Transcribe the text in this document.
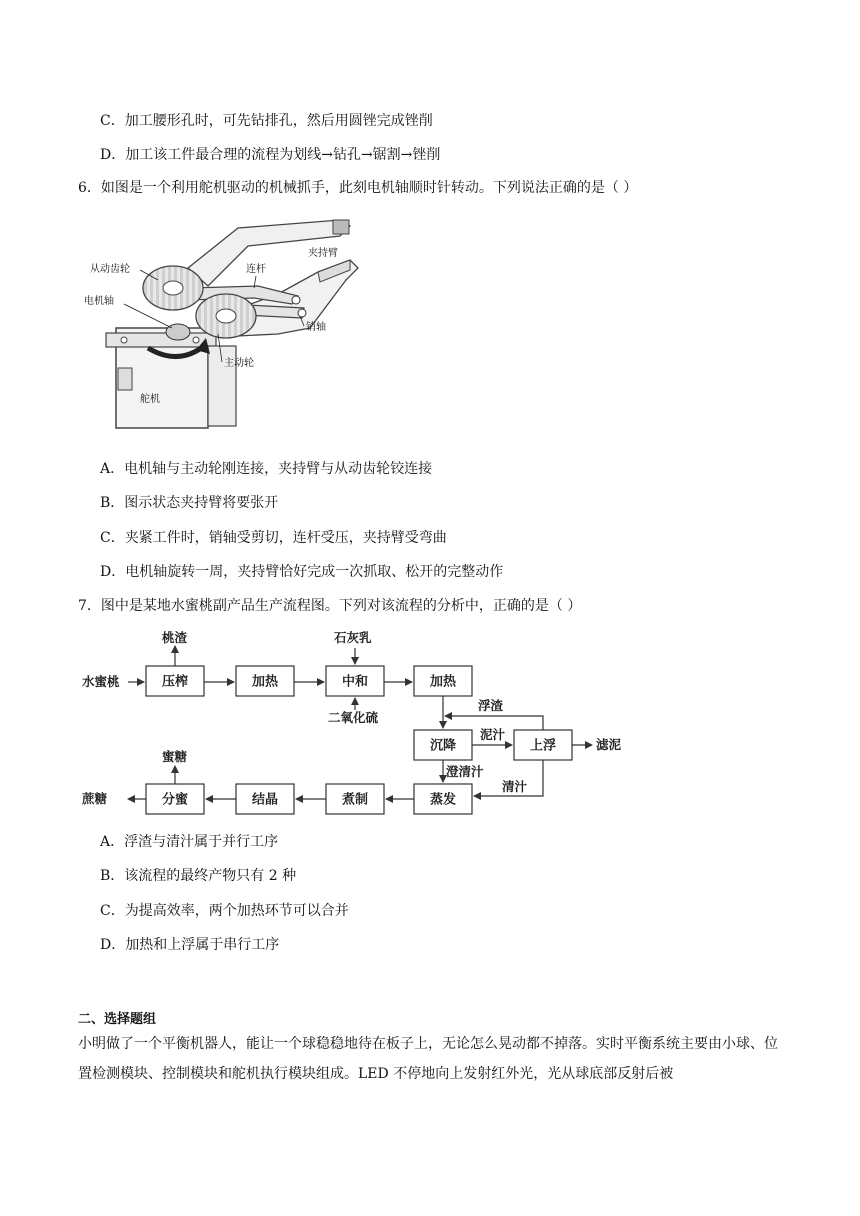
C．加工腰形孔时，可先钻排孔，然后用圆锉完成锉削
D．加工该工件最合理的流程为划线→钻孔→锯割→锉削
6．如图是一个利用舵机驱动的机械抓手，此刻电机轴顺时针转动。下列说法正确的是（ ）
从动齿轮	连杆
夹持臂
电机轴
销轴
主动轮
舵机
A．电机轴与主动轮刚连接，夹持臂与从动齿轮铰连接
B．图示状态夹持臂将要张开
C．夹紧工件时，销轴受剪切，连杆受压，夹持臂受弯曲
D．电机轴旋转一周，夹持臂恰好完成一次抓取、松开的完整动作
7．图中是某地水蜜桃副产品生产流程图。下列对该流程的分析中，正确的是（ ）
水蜜桃	压榨
桃渣
加热	中和
石灰乳
二氧化硫
加热
沉降
泥汁
上浮	滤泥
浮渣
澄清汁
蒸发
清汁
煮制
结晶
分蜜
蜜糖
蔗糖
A．浮渣与清汁属于并行工序
B．该流程的最终产物只有 2 种
C．为提高效率，两个加热环节可以合并
D．加热和上浮属于串行工序
二、选择题组
小明做了一个平衡机器人，能让一个球稳稳地待在板子上，无论怎么晃动都不掉落。实时平衡系统主要由小球、位置检测模块、控制模块和舵机执行模块组成。LED 不停地向上发射红外光，光从球底部反射后被
